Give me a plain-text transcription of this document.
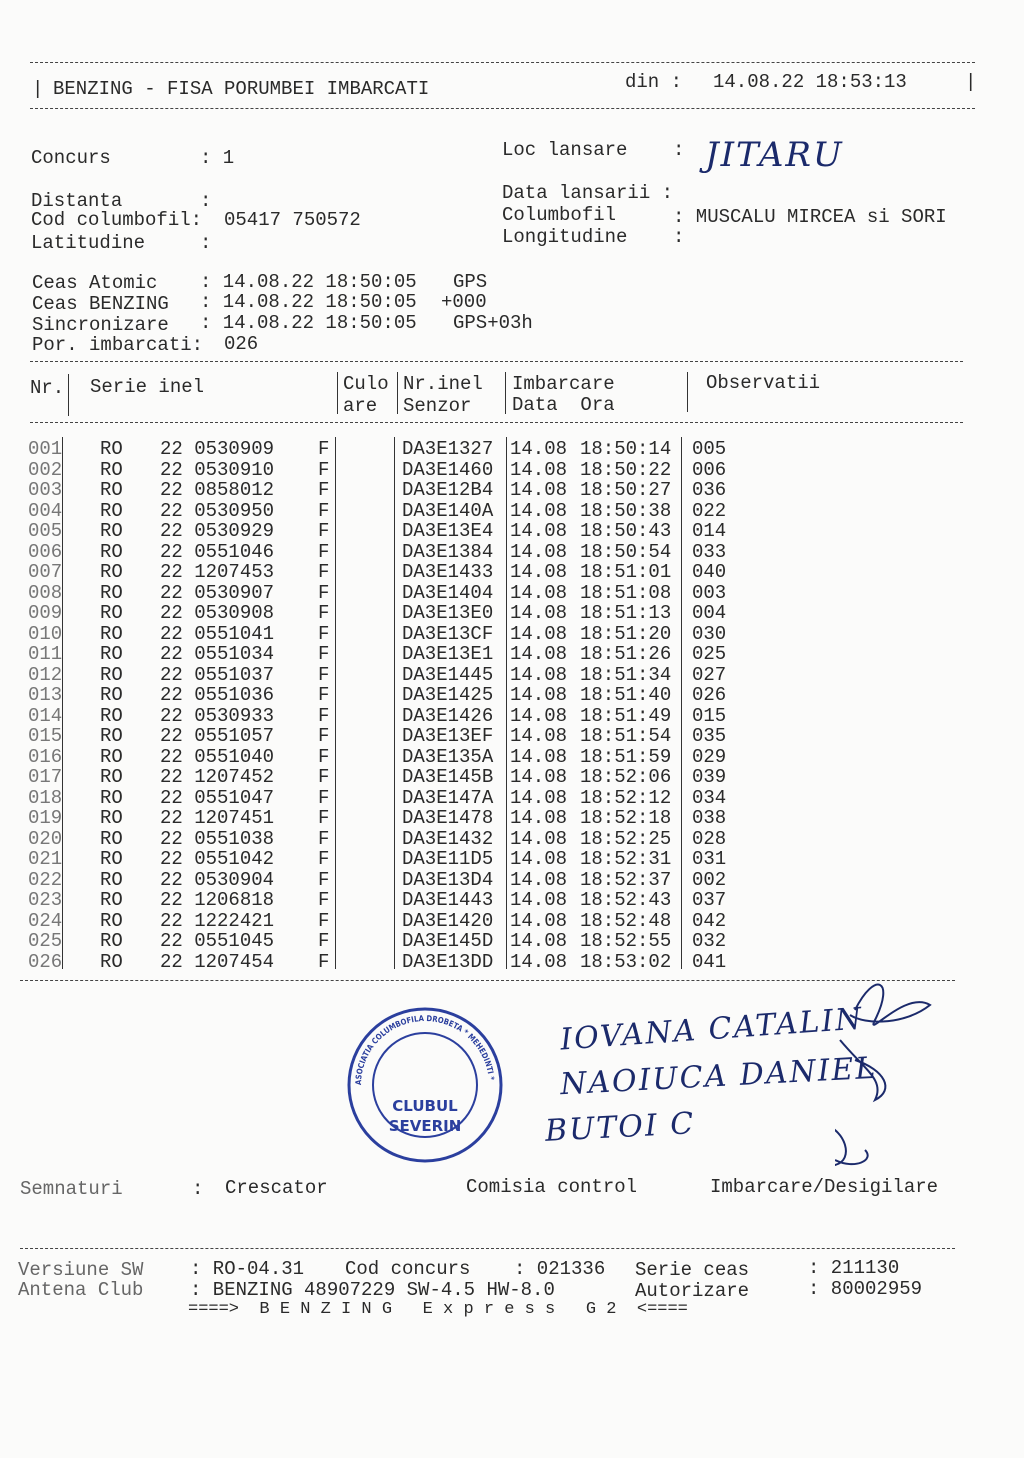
| BENZING - FISA PORUMBEI IMBARCATI	din : 14.08.22 18:53:13	|
Concurs	: 1
Distanta	:
Cod columbofil: 05417 750572
Latitudine	:
Loc lansare : JITARU
Data lansarii :
Columbofil	: MUSCALU MIRCEA si SORI
Longitudine :
Ceas Atomic : 14.08.22 18:50:05 GPS
Ceas BENZING : 14.08.22 18:50:05 +000
Sincronizare : 14.08.22 18:50:05 GPS+03h
Por. imbarcati: 026
Nr. Serie inel	Culo
are
Nr.inel
Senzor
Imbarcare
Data  Ora
Observatii
001 RO 22 0530909 F	DA3E1327 14.08 18:50:14 005
002 RO 22 0530910 F	DA3E1460 14.08 18:50:22 006
003 RO 22 0858012 F	DA3E12B4 14.08 18:50:27 036
004 RO 22 0530950 F	DA3E140A 14.08 18:50:38 022
005 RO 22 0530929 F	DA3E13E4 14.08 18:50:43 014
006 RO 22 0551046 F	DA3E1384 14.08 18:50:54 033
007 RO 22 1207453 F	DA3E1433 14.08 18:51:01 040
008 RO 22 0530907 F	DA3E1404 14.08 18:51:08 003
009 RO 22 0530908 F	DA3E13E0 14.08 18:51:13 004
010 RO 22 0551041 F	DA3E13CF 14.08 18:51:20 030
011 RO 22 0551034 F	DA3E13E1 14.08 18:51:26 025
012 RO 22 0551037 F	DA3E1445 14.08 18:51:34 027
013 RO 22 0551036 F	DA3E1425 14.08 18:51:40 026
014 RO 22 0530933 F	DA3E1426 14.08 18:51:49 015
015 RO 22 0551057 F	DA3E13EF 14.08 18:51:54 035
016 RO 22 0551040 F	DA3E135A 14.08 18:51:59 029
017 RO 22 1207452 F	DA3E145B 14.08 18:52:06 039
018 RO 22 0551047 F	DA3E147A 14.08 18:52:12 034
019 RO 22 1207451 F	DA3E1478 14.08 18:52:18 038
020 RO 22 0551038 F	DA3E1432 14.08 18:52:25 028
021 RO 22 0551042 F	DA3E11D5 14.08 18:52:31 031
022 RO 22 0530904 F	DA3E13D4 14.08 18:52:37 002
023 RO 22 1206818 F	DA3E1443 14.08 18:52:43 037
024 RO 22 1222421 F	DA3E1420 14.08 18:52:48 042
025 RO 22 0551045 F	DA3E145D 14.08 18:52:55 032
026 RO 22 1207454 F	DA3E13DD 14.08 18:53:02 041
IOVANA CATALIN
NAOIUCA DANIEL
BUTOI C
ASOCIATIA COLUMBOFILA DROBETA * MEHEDINTI *
CLUBUL
SEVERIN
Semnaturi	: Crescator	Comisia control	Imbarcare/Desigilare
Versiune SW : RO-04.31 Cod concurs : 021336 Serie ceas	: 211130
Antena Club : BENZING 48907229 SW-4.5 HW-8.0	Autorizare	: 80002959
====>  B E N Z I N G   E x p r e s s   G 2  <====
